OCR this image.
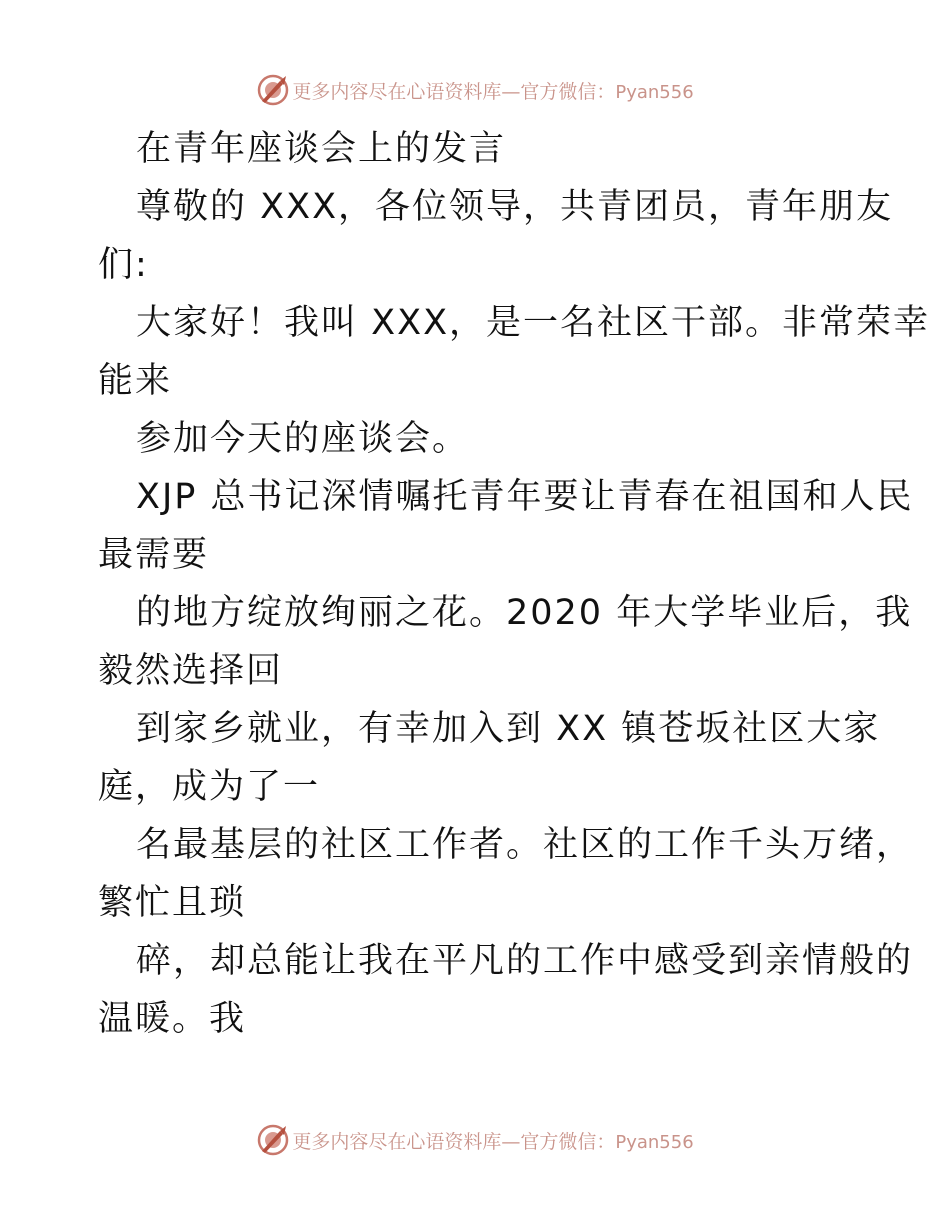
更多内容尽在心语资料库—官方微信：Pyan556
在青年座谈会上的发言
尊敬的 XXX，各位领导，共青团员，青年朋友
们:
大家好！我叫 XXX，是一名社区干部。非常荣幸
能来
参加今天的座谈会。
XJP 总书记深情嘱托青年要让青春在祖国和人民
最需要
的地方绽放绚丽之花。2020 年大学毕业后，我
毅然选择回
到家乡就业，有幸加入到 XX 镇苍坂社区大家
庭，成为了一
名最基层的社区工作者。社区的工作千头万绪，
繁忙且琐
碎，却总能让我在平凡的工作中感受到亲情般的
温暖。我
更多内容尽在心语资料库—官方微信：Pyan556
